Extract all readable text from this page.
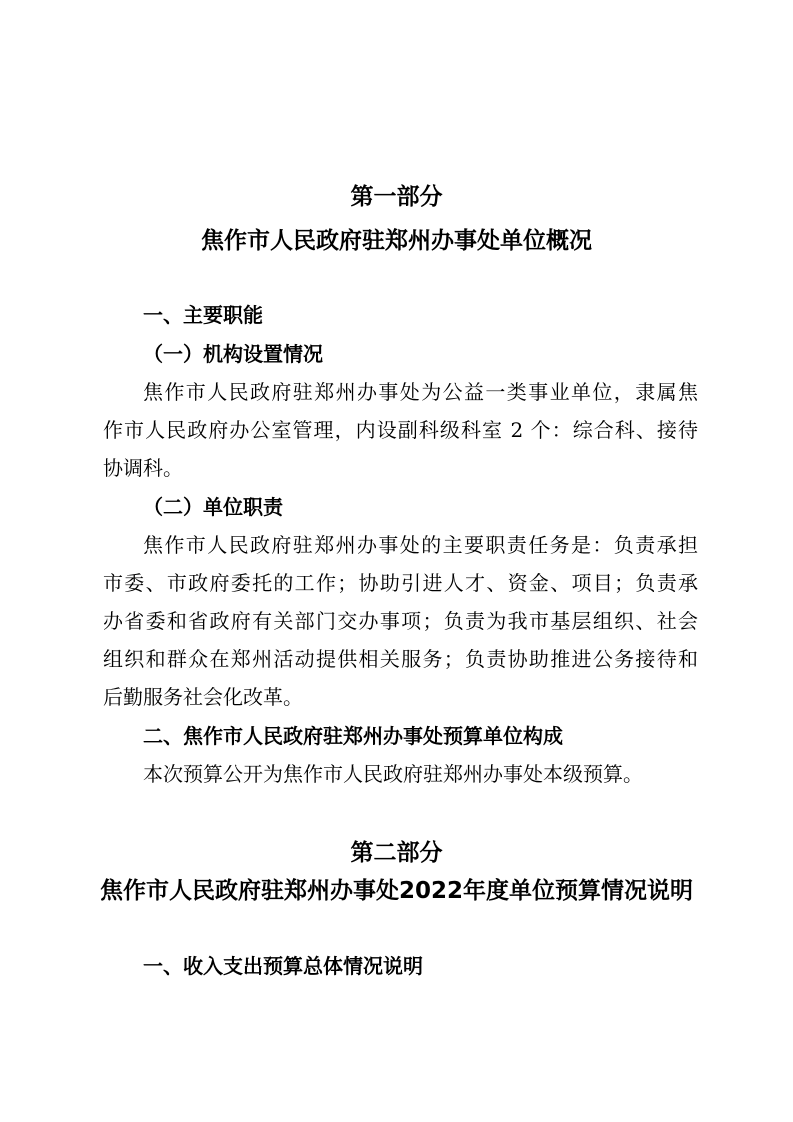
第一部分
焦作市人民政府驻郑州办事处单位概况
一、主要职能
（一）机构设置情况
焦作市人民政府驻郑州办事处为公益一类事业单位，隶属焦
作市人民政府办公室管理，内设副科级科室 2 个：综合科、接待
协调科。
（二）单位职责
焦作市人民政府驻郑州办事处的主要职责任务是：负责承担
市委、市政府委托的工作；协助引进人才、资金、项目；负责承
办省委和省政府有关部门交办事项；负责为我市基层组织、社会
组织和群众在郑州活动提供相关服务；负责协助推进公务接待和
后勤服务社会化改革。
二、焦作市人民政府驻郑州办事处预算单位构成
本次预算公开为焦作市人民政府驻郑州办事处本级预算。
第二部分
焦作市人民政府驻郑州办事处2022年度单位预算情况说明
一、收入支出预算总体情况说明
